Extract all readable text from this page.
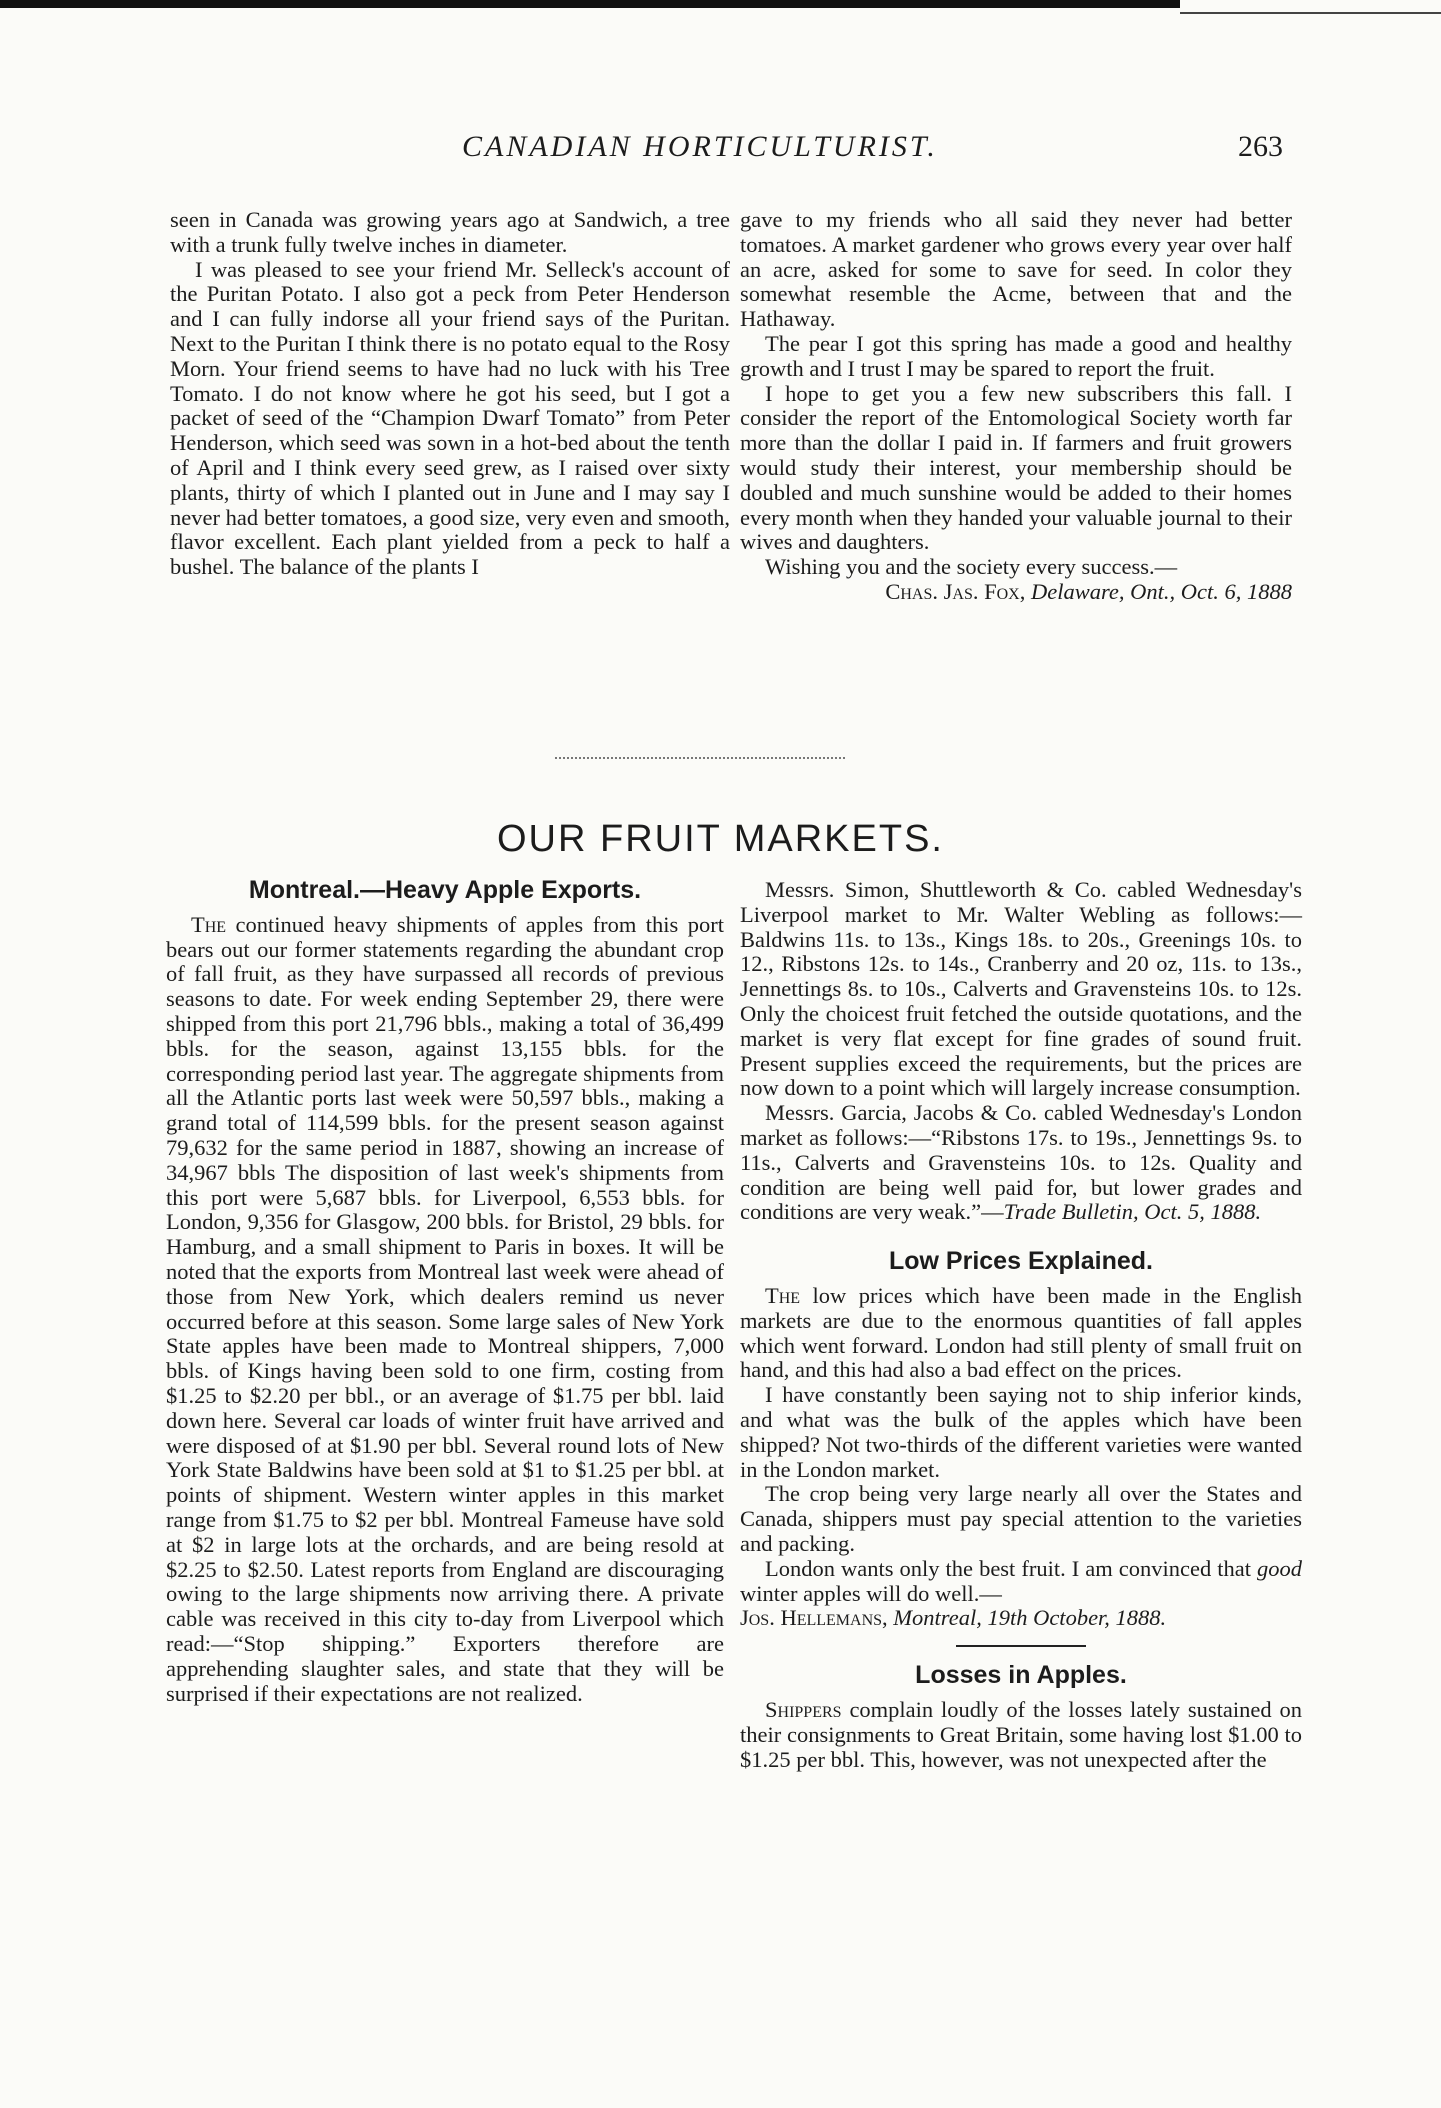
CANADIAN HORTICULTURIST.	263

seen in Canada was growing years ago at Sandwich, a tree with a trunk fully twelve inches in diameter.

I was pleased to see your friend Mr. Selleck's account of the Puritan Potato. I also got a peck from Peter Henderson and I can fully indorse all your friend says of the Puritan. Next to the Puritan I think there is no potato equal to the Rosy Morn. Your friend seems to have had no luck with his Tree Tomato. I do not know where he got his seed, but I got a packet of seed of the “Champion Dwarf Tomato” from Peter Henderson, which seed was sown in a hot-bed about the tenth of April and I think every seed grew, as I raised over sixty plants, thirty of which I planted out in June and I may say I never had better tomatoes, a good size, very even and smooth, flavor excellent. Each plant yielded from a peck to half a bushel. The balance of the plants I

gave to my friends who all said they never had better tomatoes. A market gardener who grows every year over half an acre, asked for some to save for seed. In color they somewhat resemble the Acme, between that and the Hathaway.

The pear I got this spring has made a good and healthy growth and I trust I may be spared to report the fruit.

I hope to get you a few new subscribers this fall. I consider the report of the Entomological Society worth far more than the dollar I paid in. If farmers and fruit growers would study their interest, your membership should be doubled and much sunshine would be added to their homes every month when they handed your valuable journal to their wives and daughters.

Wishing you and the society every success.—

Chas. Jas. Fox, Delaware, Ont., Oct. 6, 1888

OUR FRUIT MARKETS.
Montreal.—Heavy Apple Exports.

The continued heavy shipments of apples from this port bears out our former statements regarding the abundant crop of fall fruit, as they have surpassed all records of previous seasons to date. For week ending September 29, there were shipped from this port 21,796 bbls., making a total of 36,499 bbls. for the season, against 13,155 bbls. for the corresponding period last year. The aggregate shipments from all the Atlantic ports last week were 50,597 bbls., making a grand total of 114,599 bbls. for the present season against 79,632 for the same period in 1887, showing an increase of 34,967 bbls The disposition of last week's shipments from this port were 5,687 bbls. for Liverpool, 6,553 bbls. for London, 9,356 for Glasgow, 200 bbls. for Bristol, 29 bbls. for Hamburg, and a small shipment to Paris in boxes. It will be noted that the exports from Montreal last week were ahead of those from New York, which dealers remind us never occurred before at this season. Some large sales of New York State apples have been made to Montreal shippers, 7,000 bbls. of Kings having been sold to one firm, costing from $1.25 to $2.20 per bbl., or an average of $1.75 per bbl. laid down here. Several car loads of winter fruit have arrived and were disposed of at $1.90 per bbl. Several round lots of New York State Baldwins have been sold at $1 to $1.25 per bbl. at points of shipment. Western winter apples in this market range from $1.75 to $2 per bbl. Montreal Fameuse have sold at $2 in large lots at the orchards, and are being resold at $2.25 to $2.50. Latest reports from England are discouraging owing to the large shipments now arriving there. A private cable was received in this city to-day from Liverpool which read:—“Stop shipping.” Exporters therefore are apprehending slaughter sales, and state that they will be surprised if their expectations are not realized.

Messrs. Simon, Shuttleworth & Co. cabled Wednesday's Liverpool market to Mr. Walter Webling as follows:—Baldwins 11s. to 13s., Kings 18s. to 20s., Greenings 10s. to 12., Ribstons 12s. to 14s., Cranberry and 20 oz, 11s. to 13s., Jennettings 8s. to 10s., Calverts and Gravensteins 10s. to 12s. Only the choicest fruit fetched the outside quotations, and the market is very flat except for fine grades of sound fruit. Present supplies exceed the requirements, but the prices are now down to a point which will largely increase consumption.

Messrs. Garcia, Jacobs & Co. cabled Wednesday's London market as follows:—“Ribstons 17s. to 19s., Jennettings 9s. to 11s., Calverts and Gravensteins 10s. to 12s. Quality and condition are being well paid for, but lower grades and conditions are very weak.”—Trade Bulletin, Oct. 5, 1888.

Low Prices Explained.

The low prices which have been made in the English markets are due to the enormous quantities of fall apples which went forward. London had still plenty of small fruit on hand, and this had also a bad effect on the prices.

I have constantly been saying not to ship inferior kinds, and what was the bulk of the apples which have been shipped? Not two-thirds of the different varieties were wanted in the London market.

The crop being very large nearly all over the States and Canada, shippers must pay special attention to the varieties and packing.

London wants only the best fruit. I am convinced that good winter apples will do well.—

Jos. Hellemans, Montreal, 19th October, 1888.

Losses in Apples.

Shippers complain loudly of the losses lately sustained on their consignments to Great Britain, some having lost $1.00 to $1.25 per bbl. This, however, was not unexpected after the
